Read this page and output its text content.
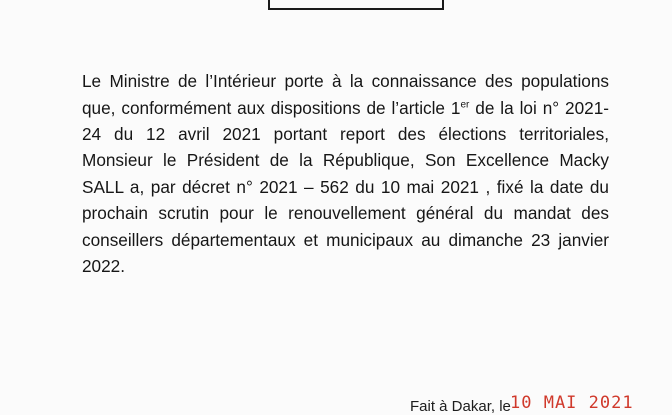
Le Ministre de l’Intérieur porte à la connaissance des populations que, conformément aux dispositions de l’article 1er de la loi n° 2021-24 du 12 avril 2021 portant report des élections territoriales, Monsieur le Président de la République, Son Excellence Macky SALL a, par décret n° 2021 – 562 du 10 mai 2021 , fixé la date du prochain scrutin pour le renouvellement général du mandat des conseillers départementaux et municipaux au dimanche 23 janvier 2022.

Fait à Dakar, le 10 MAI 2021
